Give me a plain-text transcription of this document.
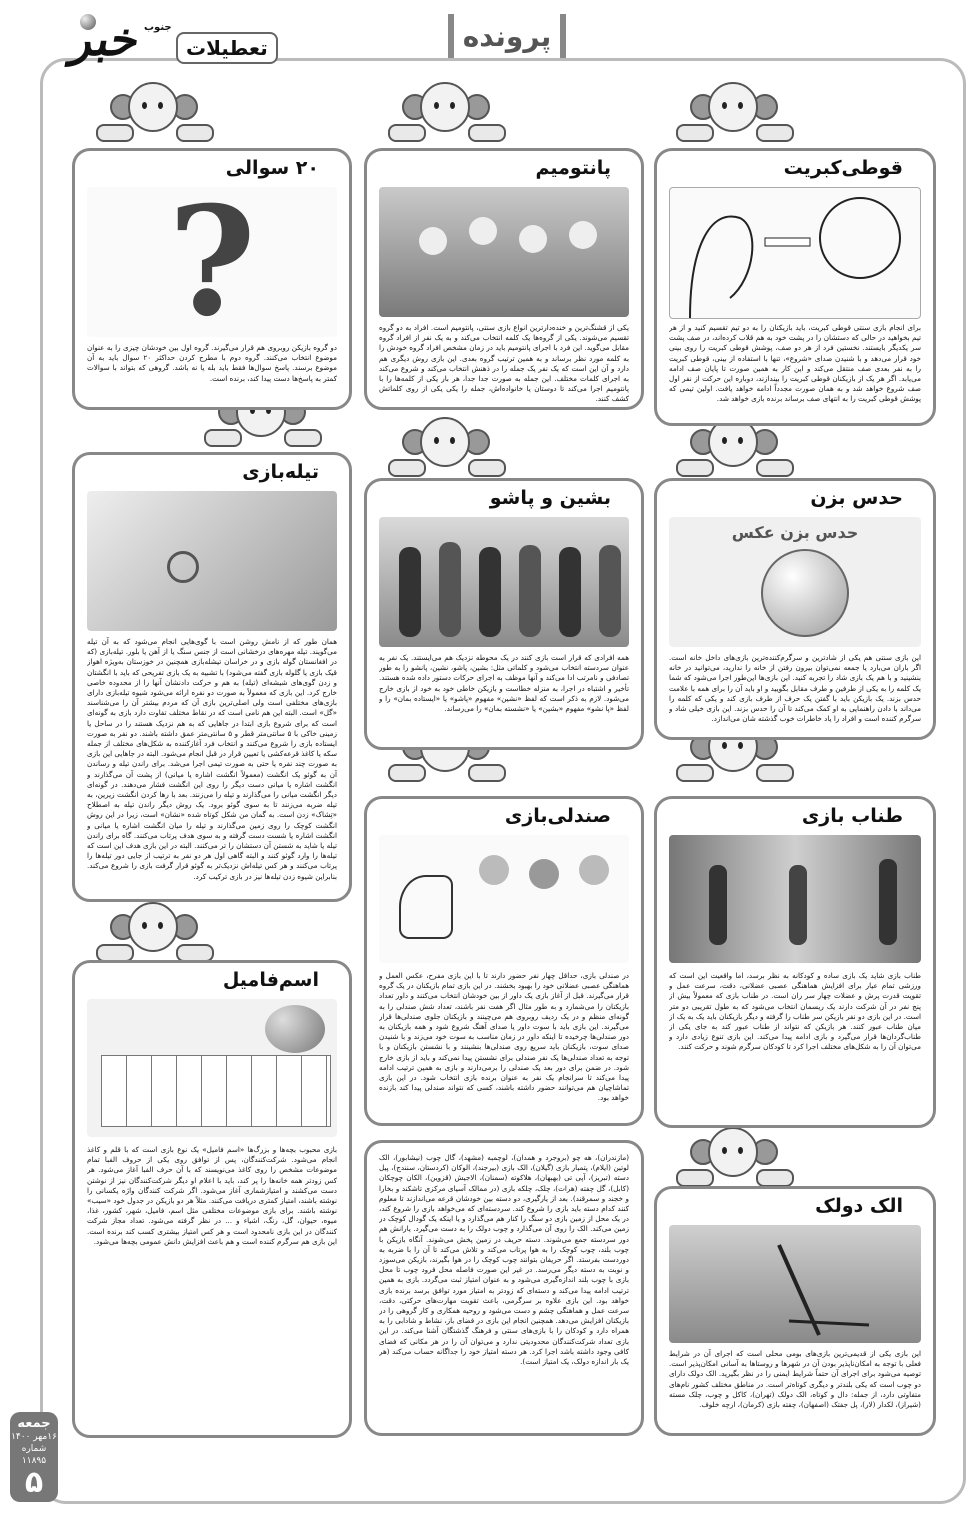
خبر جنوب
تعطیلات	پرونده
۲۰ سوالی
?
دو گروه بازیکن روبروی هم قرار می‌گیرند. گروه اول بین خودشان چیزی را به عنوان موضوع انتخاب می‌کنند. گروه دوم با مطرح کردن حداکثر ۲۰ سوال باید به آن موضوع برسند. پاسخ سوال‌ها فقط باید بله یا نه باشد. گروهی که بتواند با سوالات کمتر به پاسخ‌ها دست پیدا کند، برنده است.
پانتومیم
یکی از قشنگ‌ترین و خنده‌دارترین انواع بازی سنتی، پانتومیم است. افراد به دو گروه تقسیم می‌شوند. یکی از گروه‌ها یک کلمه انتخاب می‌کند و به یک نفر از افراد گروه مقابل می‌گوید. این فرد با اجرای پانتومیم باید در زمان مشخص افراد گروه خودش را به کلمه مورد نظر برساند و به همین ترتیب گروه بعدی. این بازی روش دیگری هم دارد و آن این است که یک نفر یک جمله را در ذهنش انتخاب می‌کند و شروع می‌کند به اجرای کلمات مختلف. این جمله به صورت جدا جدا، هر بار یکی از کلمه‌ها را با پانتومیم اجرا می‌کند تا دوستان یا خانواده‌اش، جمله را یکی یکی از روی کلماتش کشف کنند.
قوطی‌کبریت
برای انجام بازی سنتی قوطی کبریت، باید بازیکنان را به دو تیم تقسیم کنید و از هر تیم بخواهید در حالی که دستشان را در پشت خود به هم قلاب کرده‌اند، در صف پشت سر یکدیگر بایستند. نخستین فرد از هر دو صف، پوشش قوطی کبریت را روی بینی خود قرار می‌دهد و با شنیدن صدای «شروع»، تنها با استفاده از بینی، قوطی کبریت را به نفر بعدی صف منتقل می‌کند و این کار به همین صورت تا پایان صف ادامه می‌یابد. اگر هر یک از بازیکنان قوطی کبریت را بیندازند، دوباره این حرکت از نفر اول صف شروع خواهد شد و به همان صورت مجدداً ادامه خواهد یافت. اولین تیمی که پوشش قوطی کبریت را به انتهای صف برساند برنده بازی خواهد شد.
تیله‌بازی
همان طور که از نامش روشن است با گوی‌هایی انجام می‌شود که به آن تیله می‌گویند. تیله مهره‌های درخشانی است از جنس سنگ یا از آهن یا بلور. تیله‌بازی (که در افغانستان گوله بازی و در خراسان تیشله‌بازی همچنین در خوزستان به‌ویژه اهواز قیک بازی یا گلوله بازی گفته می‌شود) با تشبیه به یک بازی تفریحی که باید با انگشتان و زدن گوی‌های شیشه‌ای (تیله) به هم و حرکت دادنشان آنها را از محدوده خاصی خارج کرد. این بازی که معمولاً به صورت دو نفره ارائه می‌شود شیوه تیله‌بازی دارای بازی‌های مختلفی است ولی اصلی‌ترین بازی آن که مردم بیشتر آن را می‌شناسند «گل» است. البته این هم نامی است که در نقاط مختلف تفاوت دارد بازی به گونه‌ای است که برای شروع بازی ابتدا در جاهایی که به هم نزدیک هستند را در ساحل یا زمینی خاکی با ۵ سانتی‌متر قطر و ۵ سانتی‌متر عمق داشته باشند. دو نفر به صورت ایستاده بازی را شروع می‌کنند و انتخاب فرد آغازکننده به شکل‌های مختلف از جمله سکه یا کاغذ قرعه‌کشی یا تعیین قرار در قبل انجام می‌شود. البته در جاهایی این بازی به صورت چند نفره یا حتی به صورت تیمی اجرا می‌شد. برای راندن تیله و رساندن آن به گوئو یک انگشت (معمولاً انگشت اشاره یا میانی) از پشت آن می‌گذارند و انگشت اشاره یا میانی دست دیگر را روی این انگشت فشار می‌دهند. در گونه‌ای دیگر انگشت میانی را می‌گذارند و تیله را می‌زنند. بعد با رها کردن انگشت زیرین، به تیله ضربه می‌زنند تا به سوی گوئو برود. یک روش دیگر راندن تیله به اصطلاح «تِشاک» زدن است. به گمان من شکل کوتاه شده «نشان» است، زیرا در این روش انگشت کوچک را روی زمین می‌گذارند و تیله را میان انگشت اشاره یا میانی و انگشت اشاره یا شست دست گرفته و به سوی هدف پرتاب می‌کنند. گاه برای راندن تیله یا شاید به شستن آن دستشان را تر می‌کنند. البته در این بازی هدف این است که تیله‌ها را وارد گوئو کنند و البته گاهی اول هر دو نفر به ترتیب از جایی دور تیله‌ها را پرتاب می‌کنند و هر کس تیله‌اش نزدیک‌تر به گوئو قرار گرفت بازی را شروع می‌کند. بنابراین شیوه زدن تیله‌ها نیز در بازی ترکیب کرد.
بشین و پاشو
همه افرادی که قرار است بازی کنند در یک محوطه نزدیک هم می‌ایستند. یک نفر به عنوان سردسته انتخاب می‌شود و کلماتی مثل: بشین، پاشو، نشین، پانشو را به طور تصادفی و نامرتب ادا می‌کند و آنها موظف به اجرای حرکات دستور داده شده هستند. تأخیر و اشتباه در اجرا، به منزله خطاست و بازیکن خاطی خود به خود از بازی خارج می‌شود. لازم به ذکر است که لفظ «نشین» مفهوم «پاشو» یا «ایستاده بمان» را و لفظ «پا نشو» مفهوم «بشین» یا «نشسته بمان» را می‌رساند.
حدس بزن
حدس بزن عکس
این بازی سنتی هم یکی از شادترین و سرگرم‌کننده‌ترین بازی‌های داخل خانه است. اگر باران می‌بارد یا جمعه نمی‌توان بیرون رفتن از خانه را ندارید، می‌توانید در خانه بنشینید و با هم یک بازی شاد را تجربه کنید. این بازی‌ها این‌طور اجرا می‌شود که شما یک کلمه را به یکی از طرفین و طرف مقابل بگویید و او باید آن را برای همه با علامت حدس بزند. یک بازیکن باید با گفتن یک حرف از طرف بازی کند و یکی که کلمه را می‌داند با دادن راهنمایی به او کمک می‌کند تا آن را حدس بزند. این بازی خیلی شاد و سرگرم کننده است و افراد را یاد خاطرات خوب گذشته شان می‌اندازد.
صندلی‌بازی
در صندلی بازی، حداقل چهار نفر حضور دارند تا با این بازی مفرح، عکس العمل و هماهنگی عصبی عضلانی خود را بهبود بخشند. در این بازی تمام بازیکنان در یک گروه قرار می‌گیرند. قبل از آغاز بازی یک داور از بین خودشان انتخاب می‌کنند و داور تعداد بازیکنان را می‌شمارد و به طور مثال اگر هفت نفر باشند، تعداد شش صندلی را به گونه‌ای منظم و در یک ردیف روبروی هم می‌چینند و بازیکنان جلوی صندلی‌ها قرار می‌گیرند. این بازی باید با سوت داور یا صدای آهنگ شروع شود و همه بازیکنان به دور صندلی‌ها چرخیده تا اینکه داور در زمان مناسب به سوت خود می‌زند و با شنیدن صدای سوت، بازیکنان باید سریع روی صندلی‌ها بنشینند و با نشستن بازیکنان و با توجه به تعداد صندلی‌ها یک نفر صندلی برای نشستن پیدا نمی‌کند و باید از بازی خارج شود. در ضمن برای دور بعد یک صندلی را برمی‌دارند و بازی به همین ترتیب ادامه پیدا می‌کند تا سرانجام یک نفر به عنوان برنده بازی انتخاب شود. در این بازی تماشاچیان هم می‌توانند حضور داشته باشند، کسی که نتواند صندلی پیدا کند بازنده خواهد بود.
طناب بازی
طناب بازی شاید یک بازی ساده و کودکانه به نظر برسد، اما واقعیت این است که ورزشی تمام عیار برای افزایش هماهنگی عصبی عضلانی، دقت، سرعت عمل و تقویت قدرت پرش و عضلات چهار سر ران است. در طناب بازی که معمولاً بیش از پنج نفر در آن شرکت دارند یک ریسمان انتخاب می‌شود که به طول تقریبی دو متر است. در این بازی دو نفر بازیکن سر طناب را گرفته و دیگر بازیکنان باید یک به یک از میان طناب عبور کنند. هر بازیکن که نتواند از طناب عبور کند به جای یکی از طناب‌گردان‌ها قرار می‌گیرد و بازی ادامه پیدا می‌کند. این بازی تنوع زیادی دارد و می‌توان آن را به شکل‌های مختلف اجرا کرد تا کودکان سرگرم شوند و حرکت کنند.
اسم‌فامیل
بازی محبوب بچه‌ها و بزرگ‌ها «اسم فامیل» یک نوع بازی است که با قلم و کاغذ انجام می‌شود. شرکت‌کنندگان، پس از توافق روی یکی از حروف الفبا تمام موضوعات مشخص را روی کاغذ می‌نویسند که با آن حرف الفبا آغاز می‌شود. هر کس زودتر همه خانه‌ها را پر کند، باید با اعلام او دیگر شرکت‌کنندگان نیز از نوشتن دست می‌کشند و امتیازشماری آغاز می‌شود. اگر شرکت کنندگان واژه یکسانی را نوشته باشند، امتیاز کمتری دریافت می‌کنند. مثلاً هر دو بازیکن در جدول خود «سیب» نوشته باشند. برای بازی موضوعات مختلفی مثل اسم، فامیل، شهر، کشور، غذا، میوه، حیوان، گل، رنگ، اشیاء و ... در نظر گرفته می‌شود. تعداد مجاز شرکت کنندگان در این بازی نامحدود است و هر کس امتیاز بیشتری کسب کند برنده است. این بازی هم سرگرم کننده است و هم باعث افزایش دانش عمومی بچه‌ها می‌شود.
(مازندران)، هه چو (بروجرد و همدان)، لوچمبه (مشهد)، گال چوب (نیشابور)، الک لوتین (ایلام)، پتمبار بازی (گیلان)، الک بازی (بیرجند)، الوکان (کردستان، سنندج)، پیل دسته (تبریز)، آپی تی (بهبهان)، هلاکوته (سمنان)، الاجیش (قزوین)، الکان چوچکان (کابل)، گل چفته (هرات)، چلک، چلکه بازی (در ممالک آسیای مرکزی تاشکند و بخارا و خجند و سمرقند). بعد از یارگیری، دو دسته بین خودشان قرعه می‌اندازند تا معلوم کنند کدام دسته باید بازی را شروع کند. سردسته‌ای که می‌خواهد بازی را شروع کند، در یک محل از زمین بازی دو سنگ را کنار هم می‌گذارد و یا اینکه یک گودال کوچک در زمین می‌کند. الک را روی آن می‌گذارد و چوب دولک را به دست می‌گیرد. یارانش هم دور سردسته جمع می‌شوند. دسته حریف در زمین پخش می‌شوند. آنگاه بازیکن با چوب بلند، چوب کوچک را به هوا پرتاب می‌کند و تلاش می‌کند تا آن را با ضربه به دوردست بفرستد. اگر حریفان بتوانند چوب کوچک را در هوا بگیرند، بازیکن می‌سوزد و نوبت به دسته دیگر می‌رسد. در غیر این صورت فاصله محل فرود چوب تا محل بازی با چوب بلند اندازه‌گیری می‌شود و به عنوان امتیاز ثبت می‌گردد. بازی به همین ترتیب ادامه پیدا می‌کند و دسته‌ای که زودتر به امتیاز مورد توافق برسد برنده بازی خواهد بود. این بازی علاوه بر سرگرمی، باعث تقویت مهارت‌های حرکتی، دقت، سرعت عمل و هماهنگی چشم و دست می‌شود و روحیه همکاری و کار گروهی را در بازیکنان افزایش می‌دهد. همچنین انجام این بازی در فضای باز، نشاط و شادابی را به همراه دارد و کودکان را با بازی‌های سنتی و فرهنگ گذشتگان آشنا می‌کند. در این بازی تعداد شرکت‌کنندگان محدودیتی ندارد و می‌توان آن را در هر مکانی که فضای کافی وجود داشته باشد اجرا کرد. هر دسته امتیاز خود را جداگانه حساب می‌کند (هر یک بار اندازه دولک، یک امتیاز است).
الک دولک
این بازی یکی از قدیمی‌ترین بازی‌های بومی محلی است که اجرای آن در شرایط فعلی با توجه به امکان‌ناپذیر بودن آن در شهرها و روستاها به آسانی امکان‌پذیر است. توصیه می‌شود برای اجرای آن حتماً شرایط ایمنی را در نظر بگیرید. الک دولک دارای دو چوب است که یکی بلندتر و دیگری کوتاه‌تر است. در مناطق مختلف کشور نام‌های متفاوتی دارد، از جمله: دال و کوتاه، الک دولک (تهران)، کاکل و چوب، چلک مسته (شیراز)، لکدار (لار)، پل جفتک (اصفهان)، چفته بازی (کرمان)، ارچه خلوف.
جمعه
۱۶مهر ۱۴۰۰
شماره ۱۱۸۹۵
۵
